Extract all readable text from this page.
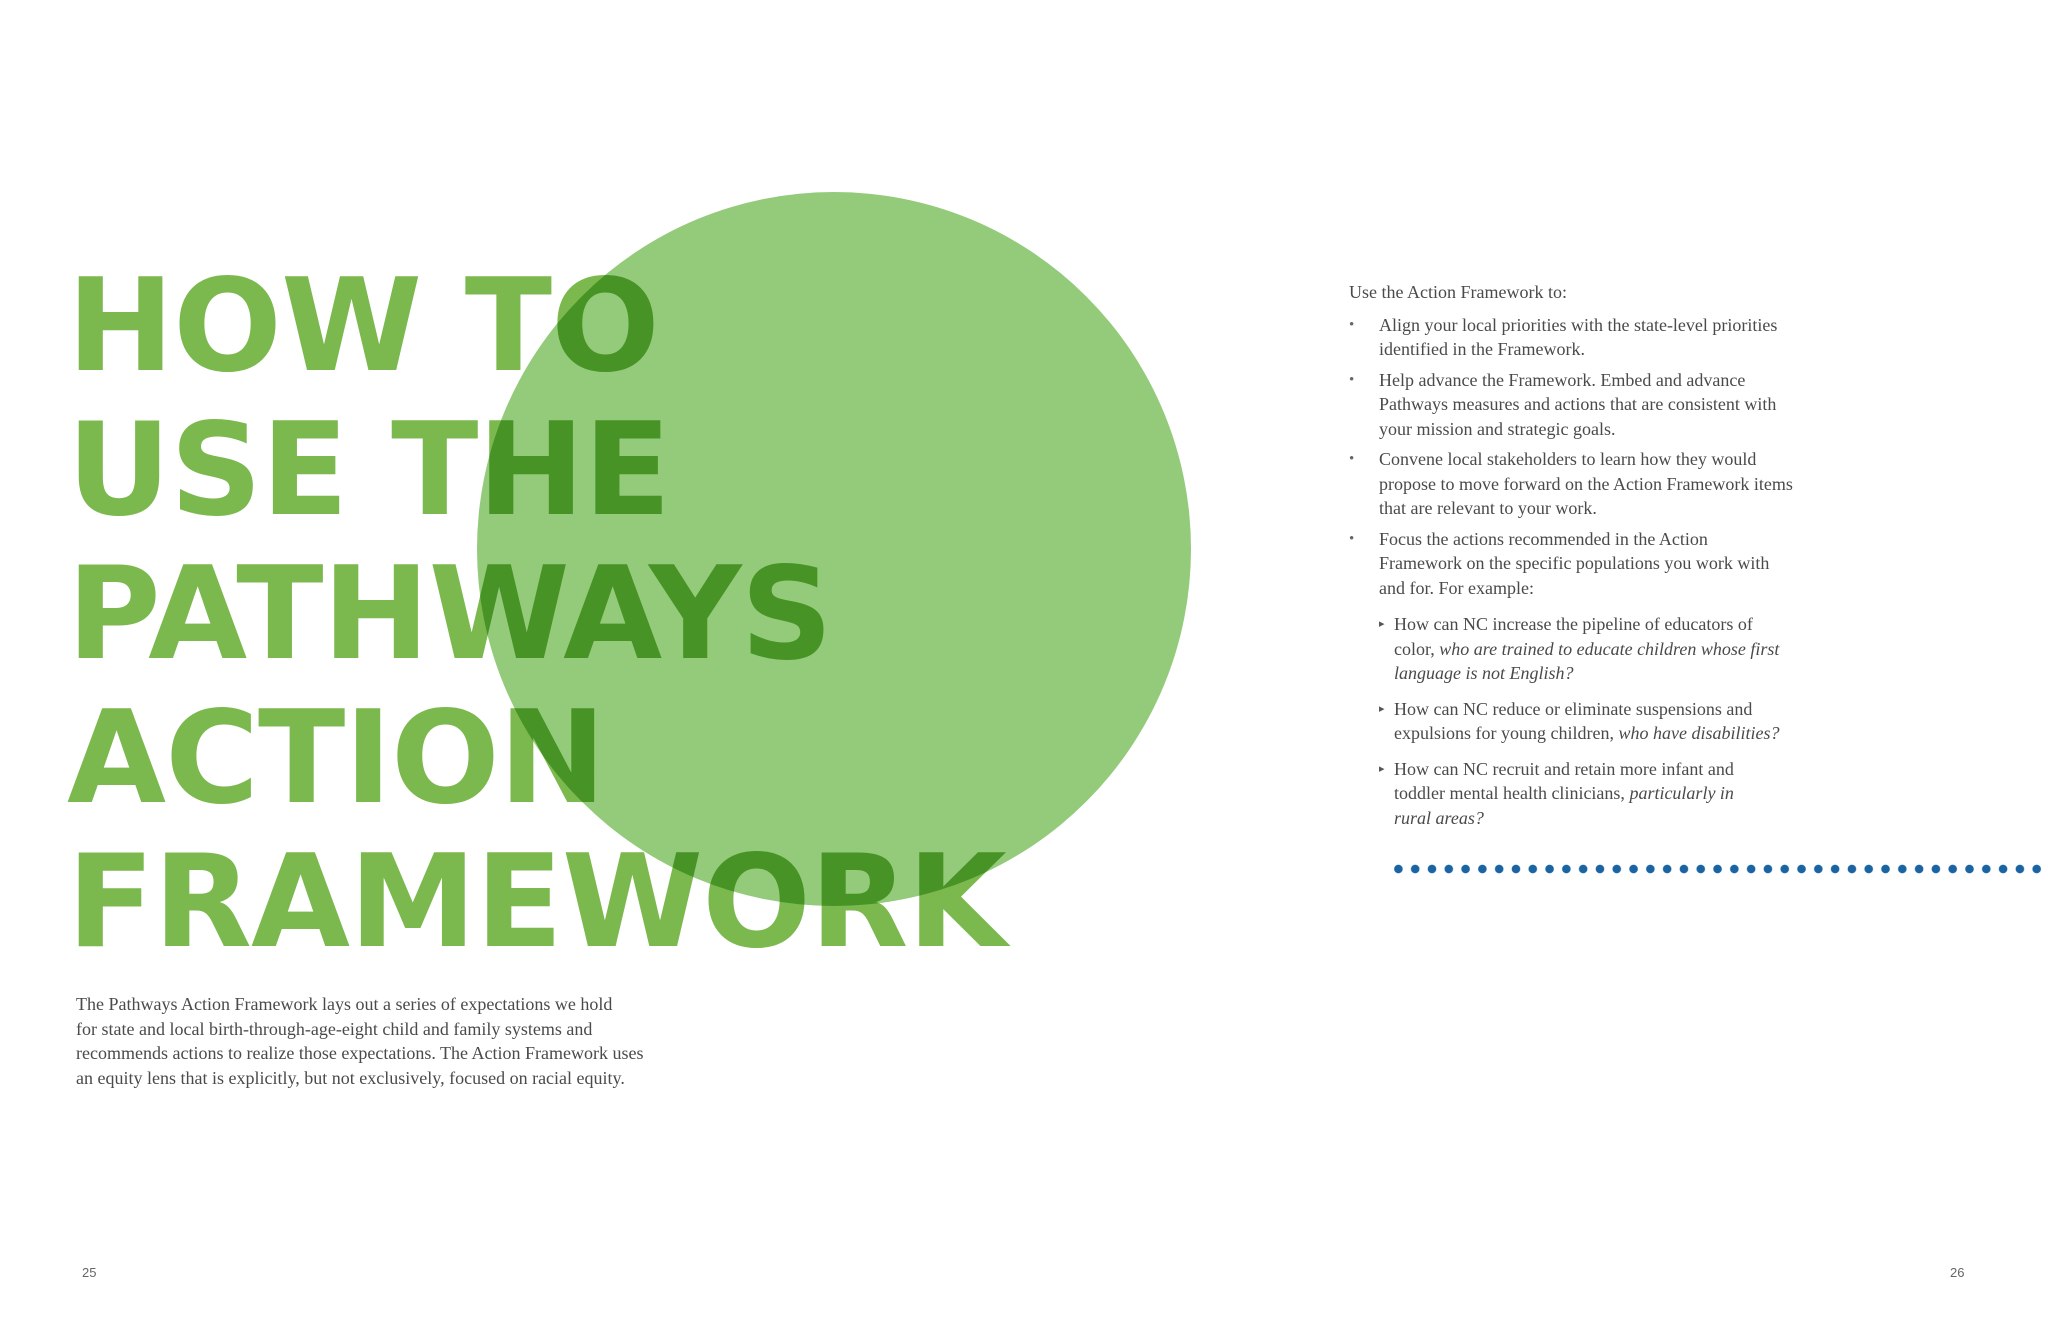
HOW TO
USE THE
PATHWAYS
ACTION
FRAMEWORK

The Pathways Action Framework lays out a series of expectations we hold
for state and local birth-through-age-eight child and family systems and
recommends actions to realize those expectations. The Action Framework uses
an equity lens that is explicitly, but not exclusively, focused on racial equity.

25	26

Use the Action Framework to:

• Align your local priorities with the state-level priorities
identified in the Framework.
• Help advance the Framework. Embed and advance
Pathways measures and actions that are consistent with
your mission and strategic goals.
• Convene local stakeholders to learn how they would
propose to move forward on the Action Framework items
that are relevant to your work.
• Focus the actions recommended in the Action
Framework on the specific populations you work with
and for. For example:
▸ How can NC increase the pipeline of educators of
color, who are trained to educate children whose first
language is not English?
▸ How can NC reduce or eliminate suspensions and
expulsions for young children, who have disabilities?
▸ How can NC recruit and retain more infant and
toddler mental health clinicians, particularly in
rural areas?
